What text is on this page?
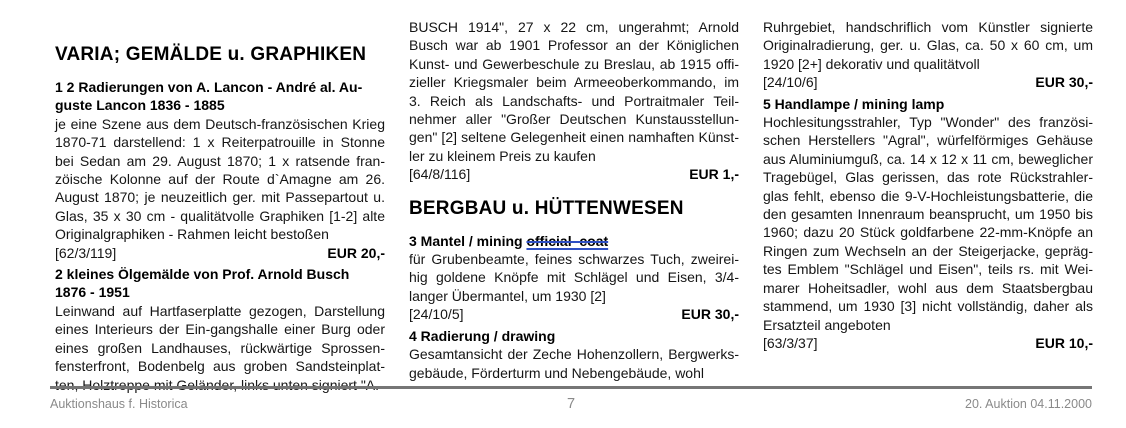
VARIA; GEMÄLDE u. GRAPHIKEN
1 2 Radierungen von A. Lancon - André al. Au-
guste Lancon 1836 - 1885
je eine Szene aus dem Deutsch-französischen Krieg
1870-71 darstellend: 1 x Reiterpatrouille in Stonne
bei Sedan am 29. August 1870; 1 x ratsende fran-
zöische Kolonne auf der Route d`Amagne am 26.
August 1870; je neuzeitlich ger. mit Passepartout u.
Glas, 35 x 30 cm - qualitätvolle Graphiken [1-2] alte
Originalgraphiken - Rahmen leicht bestoßen
[62/3/119]	EUR 20,-
2 kleines Ölgemälde von Prof. Arnold Busch
1876 - 1951
Leinwand auf Hartfaserplatte gezogen, Darstellung
eines Interieurs der Ein-gangshalle einer Burg oder
eines großen Landhauses, rückwärtige Sprossen-
fensterfront, Bodenbelg aus groben Sandsteinplat-
ten, Holztreppe mit Geländer, links unten signiert "A.
BUSCH 1914", 27 x 22 cm, ungerahmt; Arnold
Busch war ab 1901 Professor an der Königlichen
Kunst- und Gewerbeschule zu Breslau, ab 1915 offi-
zieller Kriegsmaler beim Armeeoberkommando, im
3. Reich als Landschafts- und Portraitmaler Teil-
nehmer aller "Großer Deutschen Kunstausstellun-
gen" [2] seltene Gelegenheit einen namhaften Künst-
ler zu kleinem Preis zu kaufen
[64/8/116]	EUR 1,-
BERGBAU u. HÜTTENWESEN
3 Mantel / mining official  coat
für Grubenbeamte, feines schwarzes Tuch, zweirei-
hig goldene Knöpfe mit Schlägel und Eisen, 3/4-
langer Übermantel, um 1930 [2]
[24/10/5]	EUR 30,-
4 Radierung / drawing
Gesamtansicht der Zeche Hohenzollern, Bergwerks-
gebäude, Förderturm und Nebengebäude, wohl
Ruhrgebiet, handschriflich vom Künstler signierte
Originalradierung, ger. u. Glas, ca. 50 x 60 cm, um
1920 [2+] dekorativ und qualitätvoll
[24/10/6]	EUR 30,-
5 Handlampe / mining lamp
Hochlesitungsstrahler, Typ "Wonder" des französi-
schen Herstellers "Agral", würfelförmiges Gehäuse
aus Aluminiumguß, ca. 14 x 12 x 11 cm, beweglicher
Tragebügel, Glas gerissen, das rote Rückstrahler-
glas fehlt, ebenso die 9-V-Hochleistungsbatterie, die
den gesamten Innenraum beansprucht, um 1950 bis
1960; dazu 20 Stück goldfarbene 22-mm-Knöpfe an
Ringen zum Wechseln an der Steigerjacke, gepräg-
tes Emblem "Schlägel und Eisen", teils rs. mit Wei-
marer Hoheitsadler, wohl aus dem Staatsbergbau
stammend, um 1930 [3] nicht vollständig, daher als
Ersatzteil angeboten
[63/3/37]	EUR 10,-
Auktionshaus f. Historica	7	20. Auktion 04.11.2000
